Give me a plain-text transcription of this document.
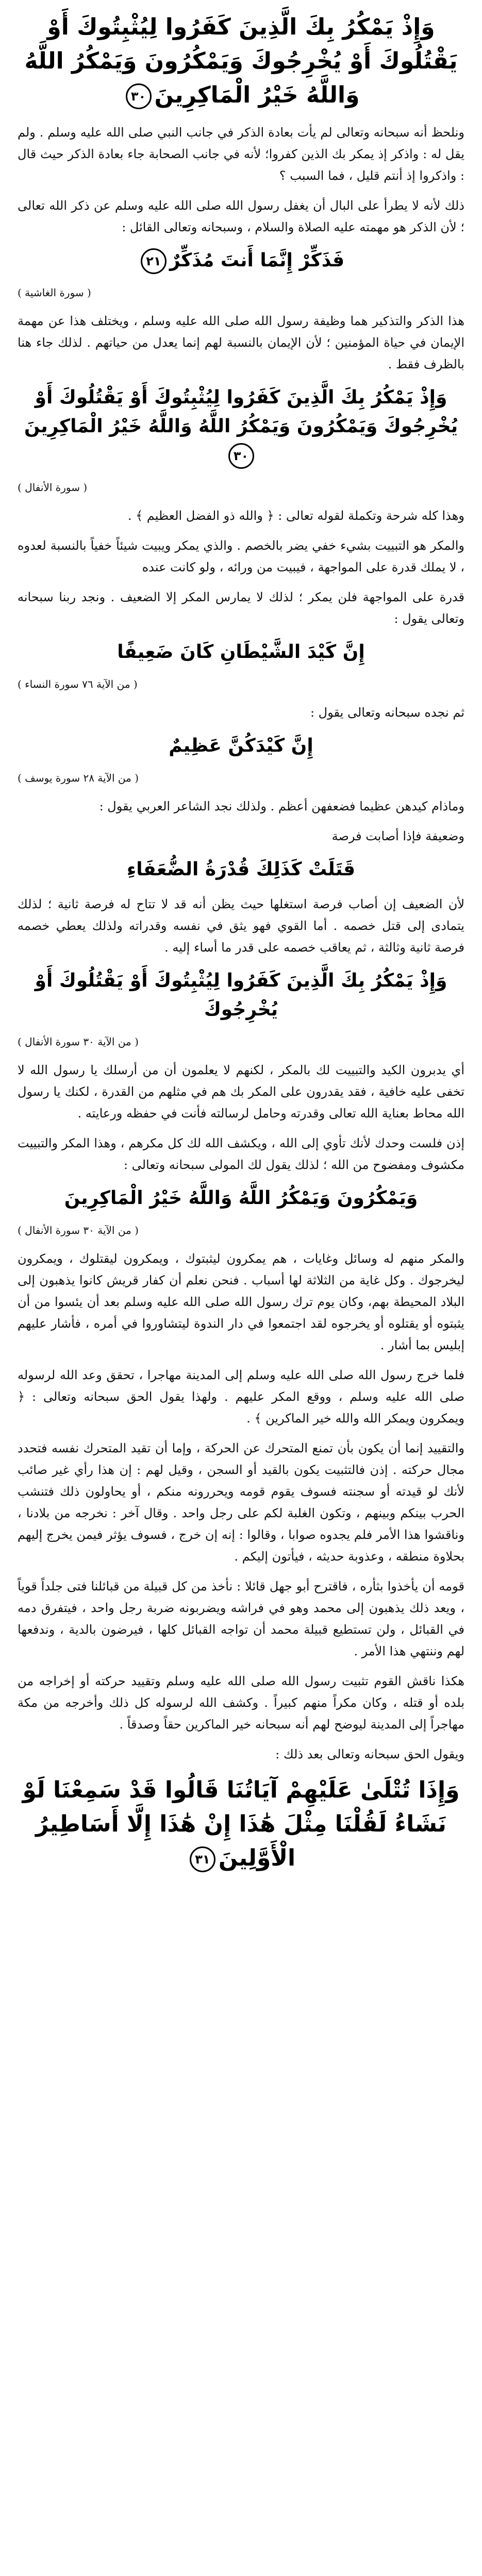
وَإِذْ يَمْكُرُ بِكَ الَّذِينَ كَفَرُوا لِيُثْبِتُوكَ أَوْ يَقْتُلُوكَ أَوْ يُخْرِجُوكَ وَيَمْكُرُونَ وَيَمْكُرُ اللَّهُ وَاللَّهُ خَيْرُ الْمَاكِرِينَ٣٠

ونلحظ أنه سبحانه وتعالى لم يأت بعادة الذكر في جانب النبي صلى الله عليه وسلم . ولم يقل له : واذكر إذ يمكر بك الذين كفروا؛ لأنه في جانب الصحابة جاء بعادة الذكر حيث قال : واذكروا إذ أنتم قليل ، فما السبب ؟

ذلك لأنه لا يطرأ على البال أن يغفل رسول الله صلى الله عليه وسلم عن ذكر الله تعالى ؛ لأن الذكر هو مهمته عليه الصلاة والسلام ، وسبحانه وتعالى القائل :

فَذَكِّرْ إِنَّمَا أَنتَ مُذَكِّرٌ٢١

( سورة الغاشية )

هذا الذكر والتذكير هما وظيفة رسول الله صلى الله عليه وسلم ، ويختلف هذا عن مهمة الإيمان في حياة المؤمنين ؛ لأن الإيمان بالنسبة لهم إنما يعدل من حياتهم . لذلك جاء هنا بالظرف فقط .

وَإِذْ يَمْكُرُ بِكَ الَّذِينَ كَفَرُوا لِيُثْبِتُوكَ أَوْ يَقْتُلُوكَ أَوْ يُخْرِجُوكَ وَيَمْكُرُونَ وَيَمْكُرُ اللَّهُ وَاللَّهُ خَيْرُ الْمَاكِرِينَ٣٠

( سورة الأنفال )

وهذا كله شرحة وتكملة لقوله تعالى : ﴿ والله ذو الفضل العظيم ﴾ .

والمكر هو التبييت بشيء خفي يضر بالخصم . والذي يمكر ويبيت شيئاً خفياً بالنسبة لعدوه ، لا يملك قدرة على المواجهة ، فيبيت من ورائه ، ولو كانت عنده

قدرة على المواجهة فلن يمكر ؛ لذلك لا يمارس المكر إلا الضعيف . ونجد ربنا سبحانه وتعالى يقول :

إِنَّ كَيْدَ الشَّيْطَانِ كَانَ ضَعِيفًا

( من الآية ٧٦ سورة النساء )

ثم نجده سبحانه وتعالى يقول :

إِنَّ كَيْدَكُنَّ عَظِيمٌ

( من الآية ٢٨ سورة يوسف )

وماذام كيدهن عظيما فضعفهن أعظم . ولذلك نجد الشاعر العربي يقول :

وضعيفة فإذا أصابت فرصة

قَتَلَتْ كَذَلِكَ قُدْرَةُ الضُّعَفَاءِ

لأن الضعيف إن أصاب فرصة استغلها حيث يظن أنه قد لا تتاح له فرصة ثانية ؛ لذلك يتمادى إلى قتل خصمه . أما القوي فهو يثق في نفسه وقدراته ولذلك يعطي خصمه فرصة ثانية وثالثة ، ثم يعاقب خصمه على قدر ما أساء إليه .

وَإِذْ يَمْكُرُ بِكَ الَّذِينَ كَفَرُوا لِيُثْبِتُوكَ أَوْ يَقْتُلُوكَ أَوْ يُخْرِجُوكَ

( من الآية ٣٠ سورة الأنفال )

أي يدبرون الكيد والتبييت لك بالمكر ، لكنهم لا يعلمون أن من أرسلك يا رسول الله لا تخفى عليه خافية ، فقد يقدرون على المكر بك هم في مثلهم من القدرة ، لكنك يا رسول الله محاط بعناية الله تعالى وقدرته وحامل لرسالته فأنت في حفظه ورعايته .

إذن فلست وحدك لأنك تأوي إلى الله ، ويكشف الله لك كل مكرهم ، وهذا المكر والتبييت مكشوف ومفضوح من الله ؛ لذلك يقول لك المولى سبحانه وتعالى :

وَيَمْكُرُونَ وَيَمْكُرُ اللَّهُ وَاللَّهُ خَيْرُ الْمَاكِرِينَ

( من الآية ٣٠ سورة الأنفال )

والمكر منهم له وسائل وغايات ، هم يمكرون ليثبتوك ، ويمكرون ليقتلوك ، ويمكرون ليخرجوك . وكل غاية من الثلاثة لها أسباب . فنحن نعلم أن كفار قريش كانوا يذهبون إلى البلاد المحيطة بهم، وكان يوم ترك رسول الله صلى الله عليه وسلم بعد أن يئسوا من أن يثبتوه أو يقتلوه أو يخرجوه لقد اجتمعوا في دار الندوة ليتشاوروا في أمره ، فأشار عليهم إبليس بما أشار .

فلما خرج رسول الله صلى الله عليه وسلم إلى المدينة مهاجرا ، تحقق وعد الله لرسوله صلى الله عليه وسلم ، ووقع المكر عليهم . ولهذا يقول الحق سبحانه وتعالى : ﴿ ويمكرون ويمكر الله والله خير الماكرين ﴾ .

والتقييد إنما أن يكون بأن تمنع المتحرك عن الحركة ، وإما أن تقيد المتحرك نفسه فتحدد مجال حركته . إذن فالتثبيت يكون بالقيد أو السجن ، وقيل لهم : إن هذا رأي غير صائب لأنك لو قيدته أو سجنته فسوف يقوم قومه ويحررونه منكم ، أو يحاولون ذلك فتنشب الحرب بينكم وبينهم ، وتكون الغلبة لكم على رجل واحد . وقال آخر : نخرجه من بلادنا ، وناقشوا هذا الأمر فلم يجدوه صوابا ، وقالوا : إنه إن خرج ، فسوف يؤثر فيمن يخرج إليهم بحلاوة منطقه ، وعذوبة حديثه ، فيأتون إليكم .

قومه أن يأخذوا بثأره ، فاقترح أبو جهل قائلا : نأخذ من كل قبيلة من قبائلنا فتى جلداً قوياً ، ويعد ذلك يذهبون إلى محمد وهو في فراشه ويضربونه ضربة رجل واحد ، فيتفرق دمه في القبائل ، ولن تستطيع قبيلة محمد أن تواجه القبائل كلها ، فيرضون بالدية ، وندفعها لهم وننتهي هذا الأمر .

هكذا ناقش القوم تثبيت رسول الله صلى الله عليه وسلم وتقييد حركته أو إخراجه من بلده أو قتله ، وكان مكراً منهم كبيراً . وكشف الله لرسوله كل ذلك وأخرجه من مكة مهاجراً إلى المدينة ليوضح لهم أنه سبحانه خير الماكرين حقاً وصدقاً .

ويقول الحق سبحانه وتعالى بعد ذلك :

وَإِذَا تُتْلَىٰ عَلَيْهِمْ آيَاتُنَا قَالُوا قَدْ سَمِعْنَا لَوْ نَشَاءُ لَقُلْنَا مِثْلَ هَٰذَا إِنْ هَٰذَا إِلَّا أَسَاطِيرُ الْأَوَّلِينَ٣١
